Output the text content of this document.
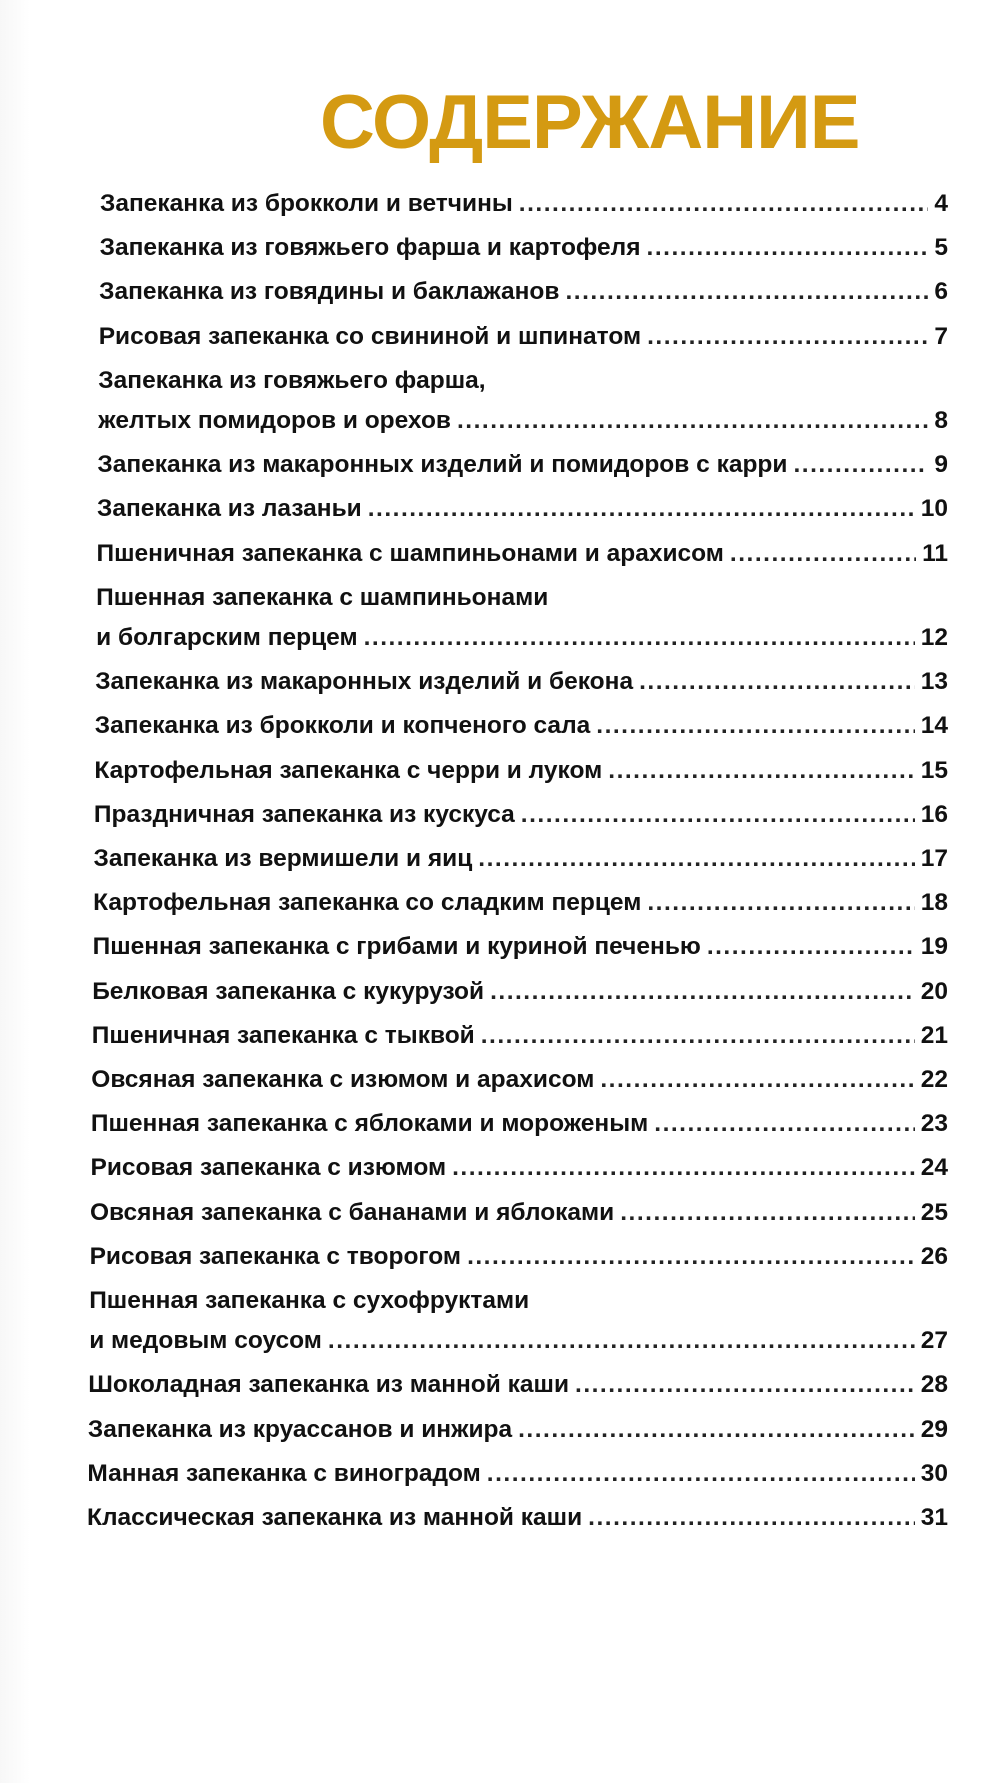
СОДЕРЖАНИЕ
Запеканка из брокколи и ветчины .....	4
Запеканка из говяжьего фарша и картофеля .....	5
Запеканка из говядины и баклажанов .....	6
Рисовая запеканка со свининой и шпинатом .....	7
Запеканка из говяжьего фарша,
желтых помидоров и орехов .....	8
Запеканка из макаронных изделий и помидоров с карри .....	9
Запеканка из лазаньи .....	10
Пшеничная запеканка с шампиньонами и арахисом .....	11
Пшенная запеканка с шампиньонами
и болгарским перцем .....	12
Запеканка из макаронных изделий и бекона .....	13
Запеканка из брокколи и копченого сала .....	14
Картофельная запеканка с черри и луком .....	15
Праздничная запеканка из кускуса .....	16
Запеканка из вермишели и яиц .....	17
Картофельная запеканка со сладким перцем .....	18
Пшенная запеканка с грибами и куриной печенью .....	19
Белковая запеканка с кукурузой .....	20
Пшеничная запеканка с тыквой .....	21
Овсяная запеканка с изюмом и арахисом .....	22
Пшенная запеканка с яблоками и мороженым .....	23
Рисовая запеканка с изюмом .....	24
Овсяная запеканка с бананами и яблоками .....	25
Рисовая запеканка с творогом .....	26
Пшенная запеканка с сухофруктами
и медовым соусом .....	27
Шоколадная запеканка из манной каши .....	28
Запеканка из круассанов и инжира .....	29
Манная запеканка с виноградом .....	30
Классическая запеканка из манной каши .....	31
